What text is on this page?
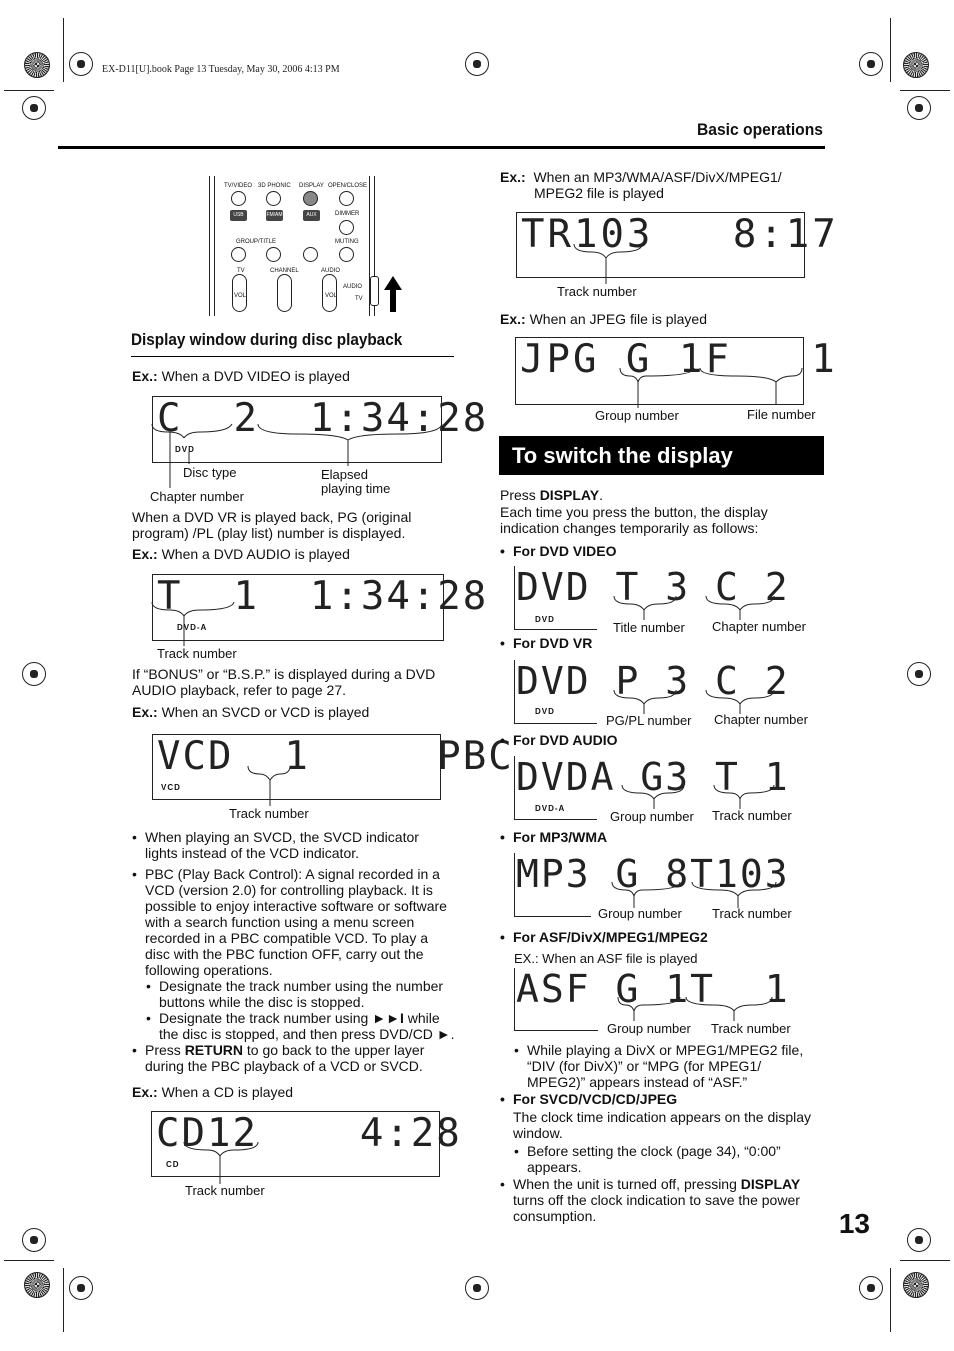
EX-D11[U].book Page 13 Tuesday, May 30, 2006 4:13 PM
Basic operations
TV/VIDEO 3D PHONIC DISPLAY OPEN/CLOSE
USB	FM/AM	AUX	DIMMER
GROUP/TITLE	MUTING
TV	CHANNEL	AUDIO
VOL	VOL
AUDIO
TV
Display window during disc playback
Ex.: When a DVD VIDEO is played
C  2  1:34:28
DVD
Disc type
Chapter number
Elapsed
playing time
When a DVD VR is played back, PG (original program) /PL (play list) number is displayed.
Ex.: When a DVD AUDIO is played
T  1  1:34:28
DVD-A
Track number
If “BONUS” or “B.S.P.” is displayed during a DVD AUDIO playback, refer to page 27.
Ex.: When an SVCD or VCD is played
VCD  1     PBC
VCD
Track number
• When playing an SVCD, the SVCD indicator lights instead of the VCD indicator.
• PBC (Play Back Control): A signal recorded in a VCD (version 2.0) for controlling playback. It is possible to enjoy interactive software or software with a search function using a menu screen recorded in a PBC compatible VCD. To play a disc with the PBC function OFF, carry out the following operations.
• Designate the track number using the number buttons while the disc is stopped.
• Designate the track number using ►►I while the disc is stopped, and then press DVD/CD ►.
• Press RETURN to go back to the upper layer during the PBC playback of a VCD or SVCD.
Ex.: When a CD is played
CD12    4:28
CD
Track number
Ex.: When an MP3/WMA/ASF/DivX/MPEG1/
MPEG2 file is played
TR103   8:17
Track number
Ex.: When an JPEG file is played
JPG G 1F   1
Group number	File number
To switch the display
Press DISPLAY.
Each time you press the button, the display indication changes temporarily as follows:
• For DVD VIDEO
DVD T 3 C 2
DVD
Title number Chapter number
• For DVD VR
DVD P 3 C 2
DVD
PG/PL number Chapter number
• For DVD AUDIO
DVDA G3 T 1
DVD-A
Group number Track number
• For MP3/WMA
MP3 G 8T103
Group number Track number
• For ASF/DivX/MPEG1/MPEG2
EX.: When an ASF file is played
ASF G 1T  1
Group number Track number
• While playing a DivX or MPEG1/MPEG2 file, “DIV (for DivX)” or “MPG (for MPEG1/ MPEG2)” appears instead of “ASF.”
• For SVCD/VCD/CD/JPEG
The clock time indication appears on the display window.
• Before setting the clock (page 34), “0:00” appears.
• When the unit is turned off, pressing DISPLAY turns off the clock indication to save the power consumption.	13
